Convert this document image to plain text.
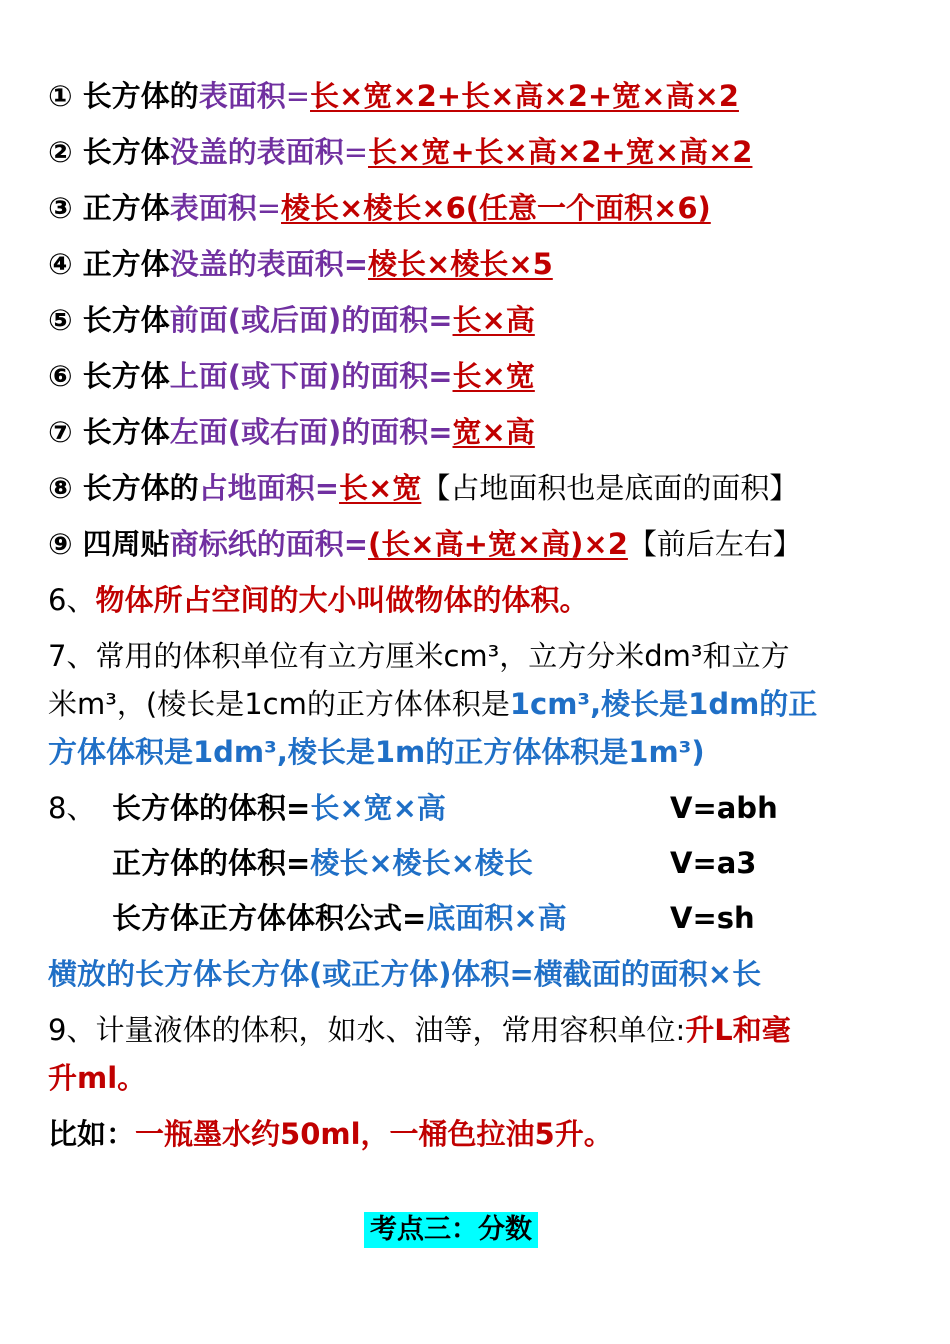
① 长方体的表面积=长×宽×2+长×高×2+宽×高×2
② 长方体没盖的表面积=长×宽+长×高×2+宽×高×2
③ 正方体表面积=棱长×棱长×6(任意一个面积×6)
④ 正方体没盖的表面积=棱长×棱长×5
⑤ 长方体前面(或后面)的面积=长×高
⑥ 长方体上面(或下面)的面积=长×宽
⑦ 长方体左面(或右面)的面积=宽×高
⑧ 长方体的占地面积=长×宽【占地面积也是底面的面积】
⑨ 四周贴商标纸的面积=(长×高+宽×高)×2【前后左右】
6、物体所占空间的大小叫做物体的体积。
7、常用的体积单位有立方厘米cm³，立方分米dm³和立方
米m³，(棱长是1cm的正方体体积是1cm³,棱长是1dm的正
方体体积是1dm³,棱长是1m的正方体体积是1m³)
8、 长方体的体积=长×宽×高	V=abh
正方体的体积=棱长×棱长×棱长	V=a3
长方体正方体体积公式=底面积×高	V=sh
横放的长方体长方体(或正方体)体积=横截面的面积×长
9、计量液体的体积，如水、油等，常用容积单位:升L和毫
升ml。
比如：一瓶墨水约50ml，一桶色拉油5升。
考点三：分数
